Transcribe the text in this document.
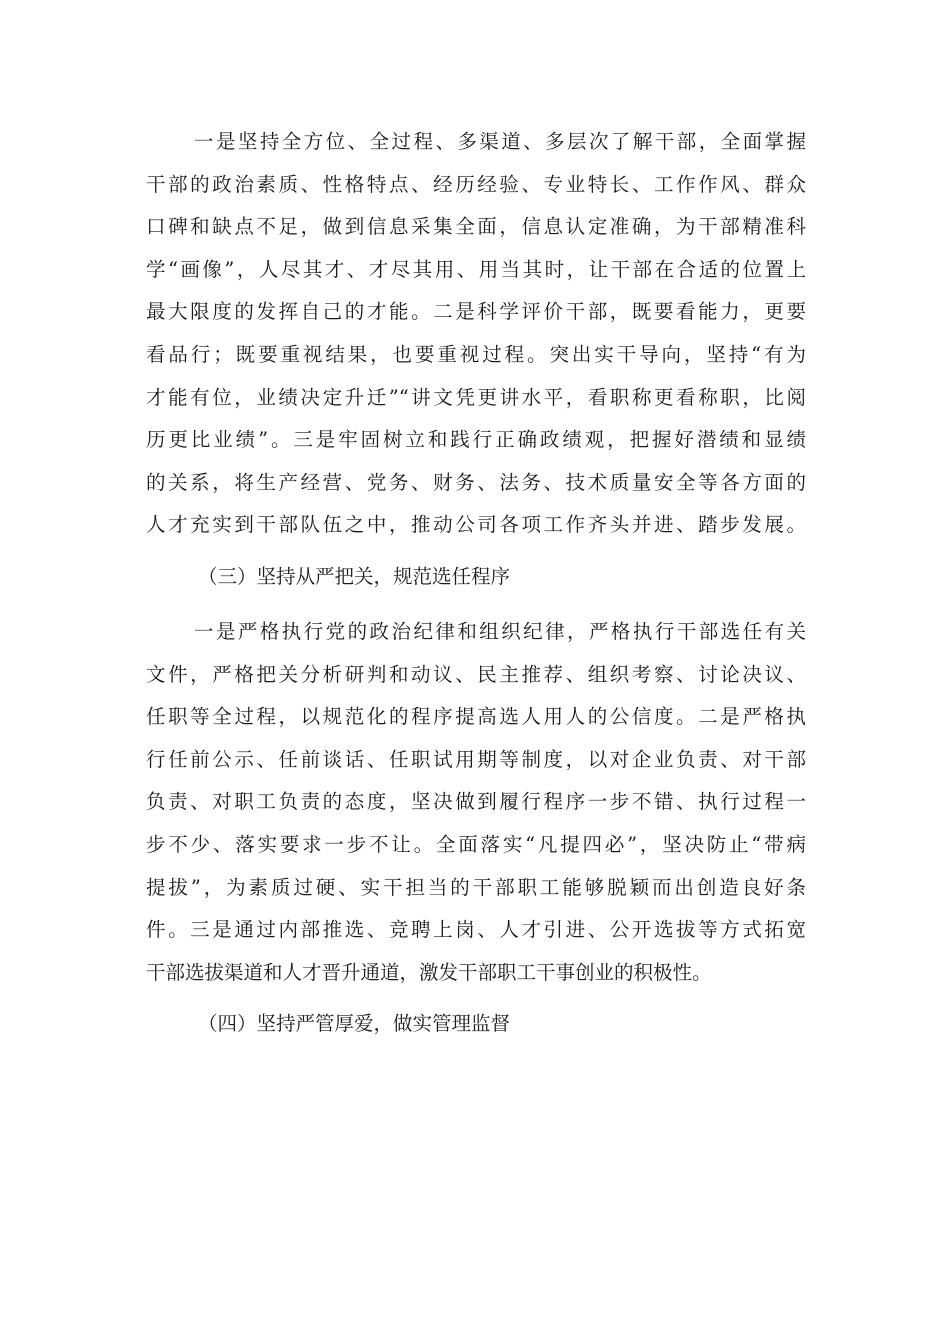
一是坚持全方位、全过程、多渠道、多层次了解干部，全面掌握
干部的政治素质、性格特点、经历经验、专业特长、工作作风、群众
口碑和缺点不足，做到信息采集全面，信息认定准确，为干部精准科
学“画像”，人尽其才、才尽其用、用当其时，让干部在合适的位置上
最大限度的发挥自己的才能。二是科学评价干部，既要看能力，更要
看品行；既要重视结果，也要重视过程。突出实干导向，坚持“有为
才能有位，业绩决定升迁”“讲文凭更讲水平，看职称更看称职，比阅
历更比业绩”。三是牢固树立和践行正确政绩观，把握好潜绩和显绩
的关系，将生产经营、党务、财务、法务、技术质量安全等各方面的
人才充实到干部队伍之中，推动公司各项工作齐头并进、踏步发展。
（三）坚持从严把关，规范选任程序
一是严格执行党的政治纪律和组织纪律，严格执行干部选任有关
文件，严格把关分析研判和动议、民主推荐、组织考察、讨论决议、
任职等全过程，以规范化的程序提高选人用人的公信度。二是严格执
行任前公示、任前谈话、任职试用期等制度，以对企业负责、对干部
负责、对职工负责的态度，坚决做到履行程序一步不错、执行过程一
步不少、落实要求一步不让。全面落实“凡提四必”，坚决防止“带病
提拔”，为素质过硬、实干担当的干部职工能够脱颖而出创造良好条
件。三是通过内部推选、竞聘上岗、人才引进、公开选拔等方式拓宽
干部选拔渠道和人才晋升通道，激发干部职工干事创业的积极性。
（四）坚持严管厚爱，做实管理监督
